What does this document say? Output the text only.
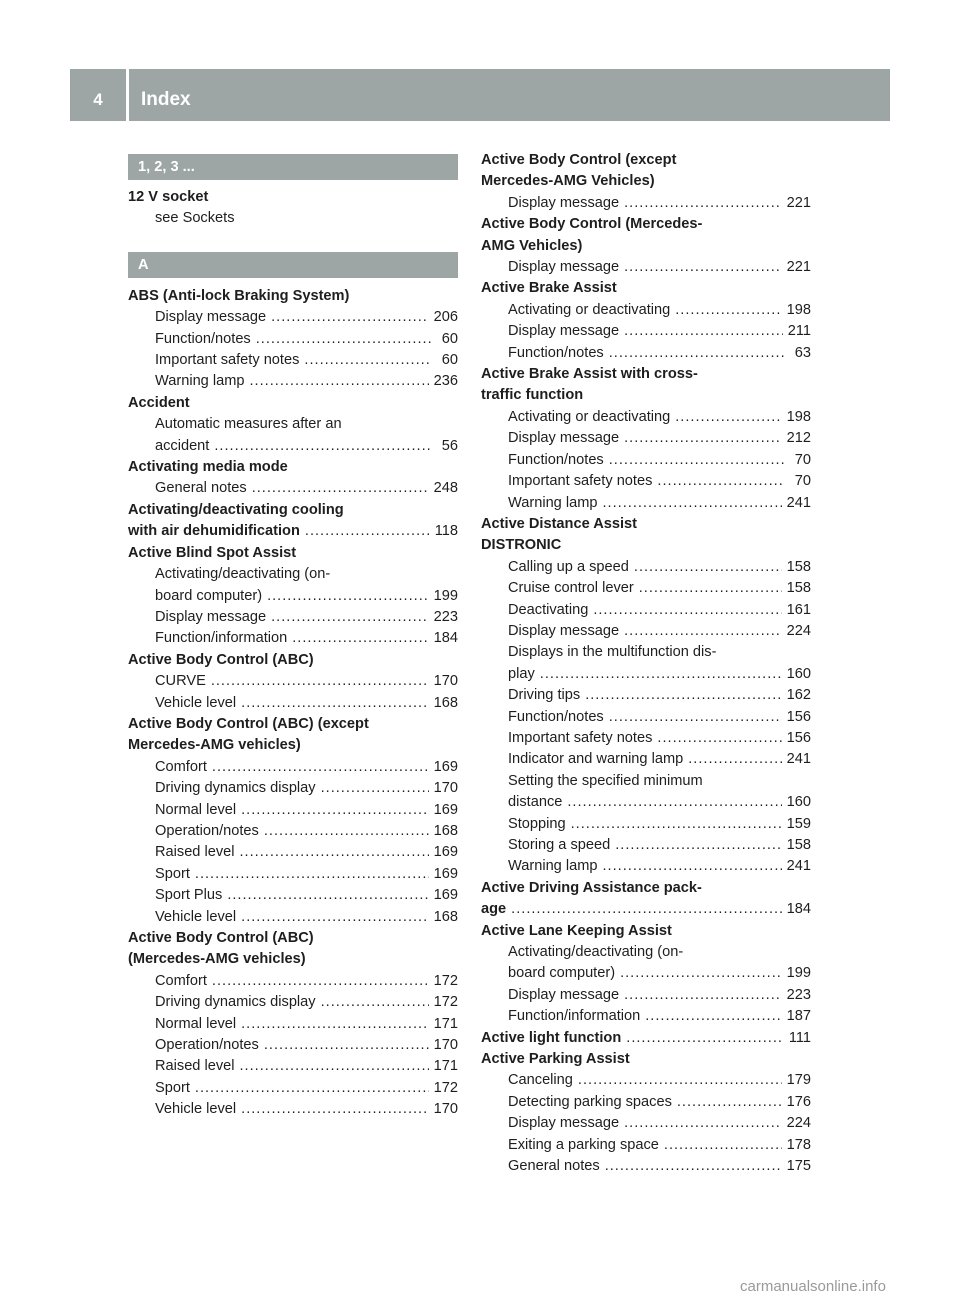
4	Index
1, 2, 3 ...
12 V socket
see Sockets
A
ABS (Anti-lock Braking System)
Display message .....	206
Function/notes .....	60
Important safety notes .....	60
Warning lamp .....	236
Accident
Automatic measures after an
accident .....	56
Activating media mode
General notes .....	248
Activating/deactivating cooling
with air dehumidification .....	118
Active Blind Spot Assist
Activating/deactivating (on-
board computer) .....	199
Display message .....	223
Function/information .....	184
Active Body Control (ABC)
CURVE .....	170
Vehicle level .....	168
Active Body Control (ABC) (except
Mercedes-AMG vehicles)
Comfort .....	169
Driving dynamics display .....	170
Normal level .....	169
Operation/notes .....	168
Raised level .....	169
Sport .....	169
Sport Plus .....	169
Vehicle level .....	168
Active Body Control (ABC)
(Mercedes-AMG vehicles)
Comfort .....	172
Driving dynamics display .....	172
Normal level .....	171
Operation/notes .....	170
Raised level .....	171
Sport .....	172
Vehicle level .....	170
Active Body Control (except
Mercedes-AMG Vehicles)
Display message .....	221
Active Body Control (Mercedes-
AMG Vehicles)
Display message .....	221
Active Brake Assist
Activating or deactivating .....	198
Display message .....	211
Function/notes .....	63
Active Brake Assist with cross-
traffic function
Activating or deactivating .....	198
Display message .....	212
Function/notes .....	70
Important safety notes .....	70
Warning lamp .....	241
Active Distance Assist
DISTRONIC
Calling up a speed .....	158
Cruise control lever .....	158
Deactivating .....	161
Display message .....	224
Displays in the multifunction dis-
play .....	160
Driving tips .....	162
Function/notes .....	156
Important safety notes .....	156
Indicator and warning lamp .....	241
Setting the specified minimum
distance .....	160
Stopping .....	159
Storing a speed .....	158
Warning lamp .....	241
Active Driving Assistance pack-
age .....	184
Active Lane Keeping Assist
Activating/deactivating (on-
board computer) .....	199
Display message .....	223
Function/information .....	187
Active light function .....	111
Active Parking Assist
Canceling .....	179
Detecting parking spaces .....	176
Display message .....	224
Exiting a parking space .....	178
General notes .....	175
carmanualsonline.info
